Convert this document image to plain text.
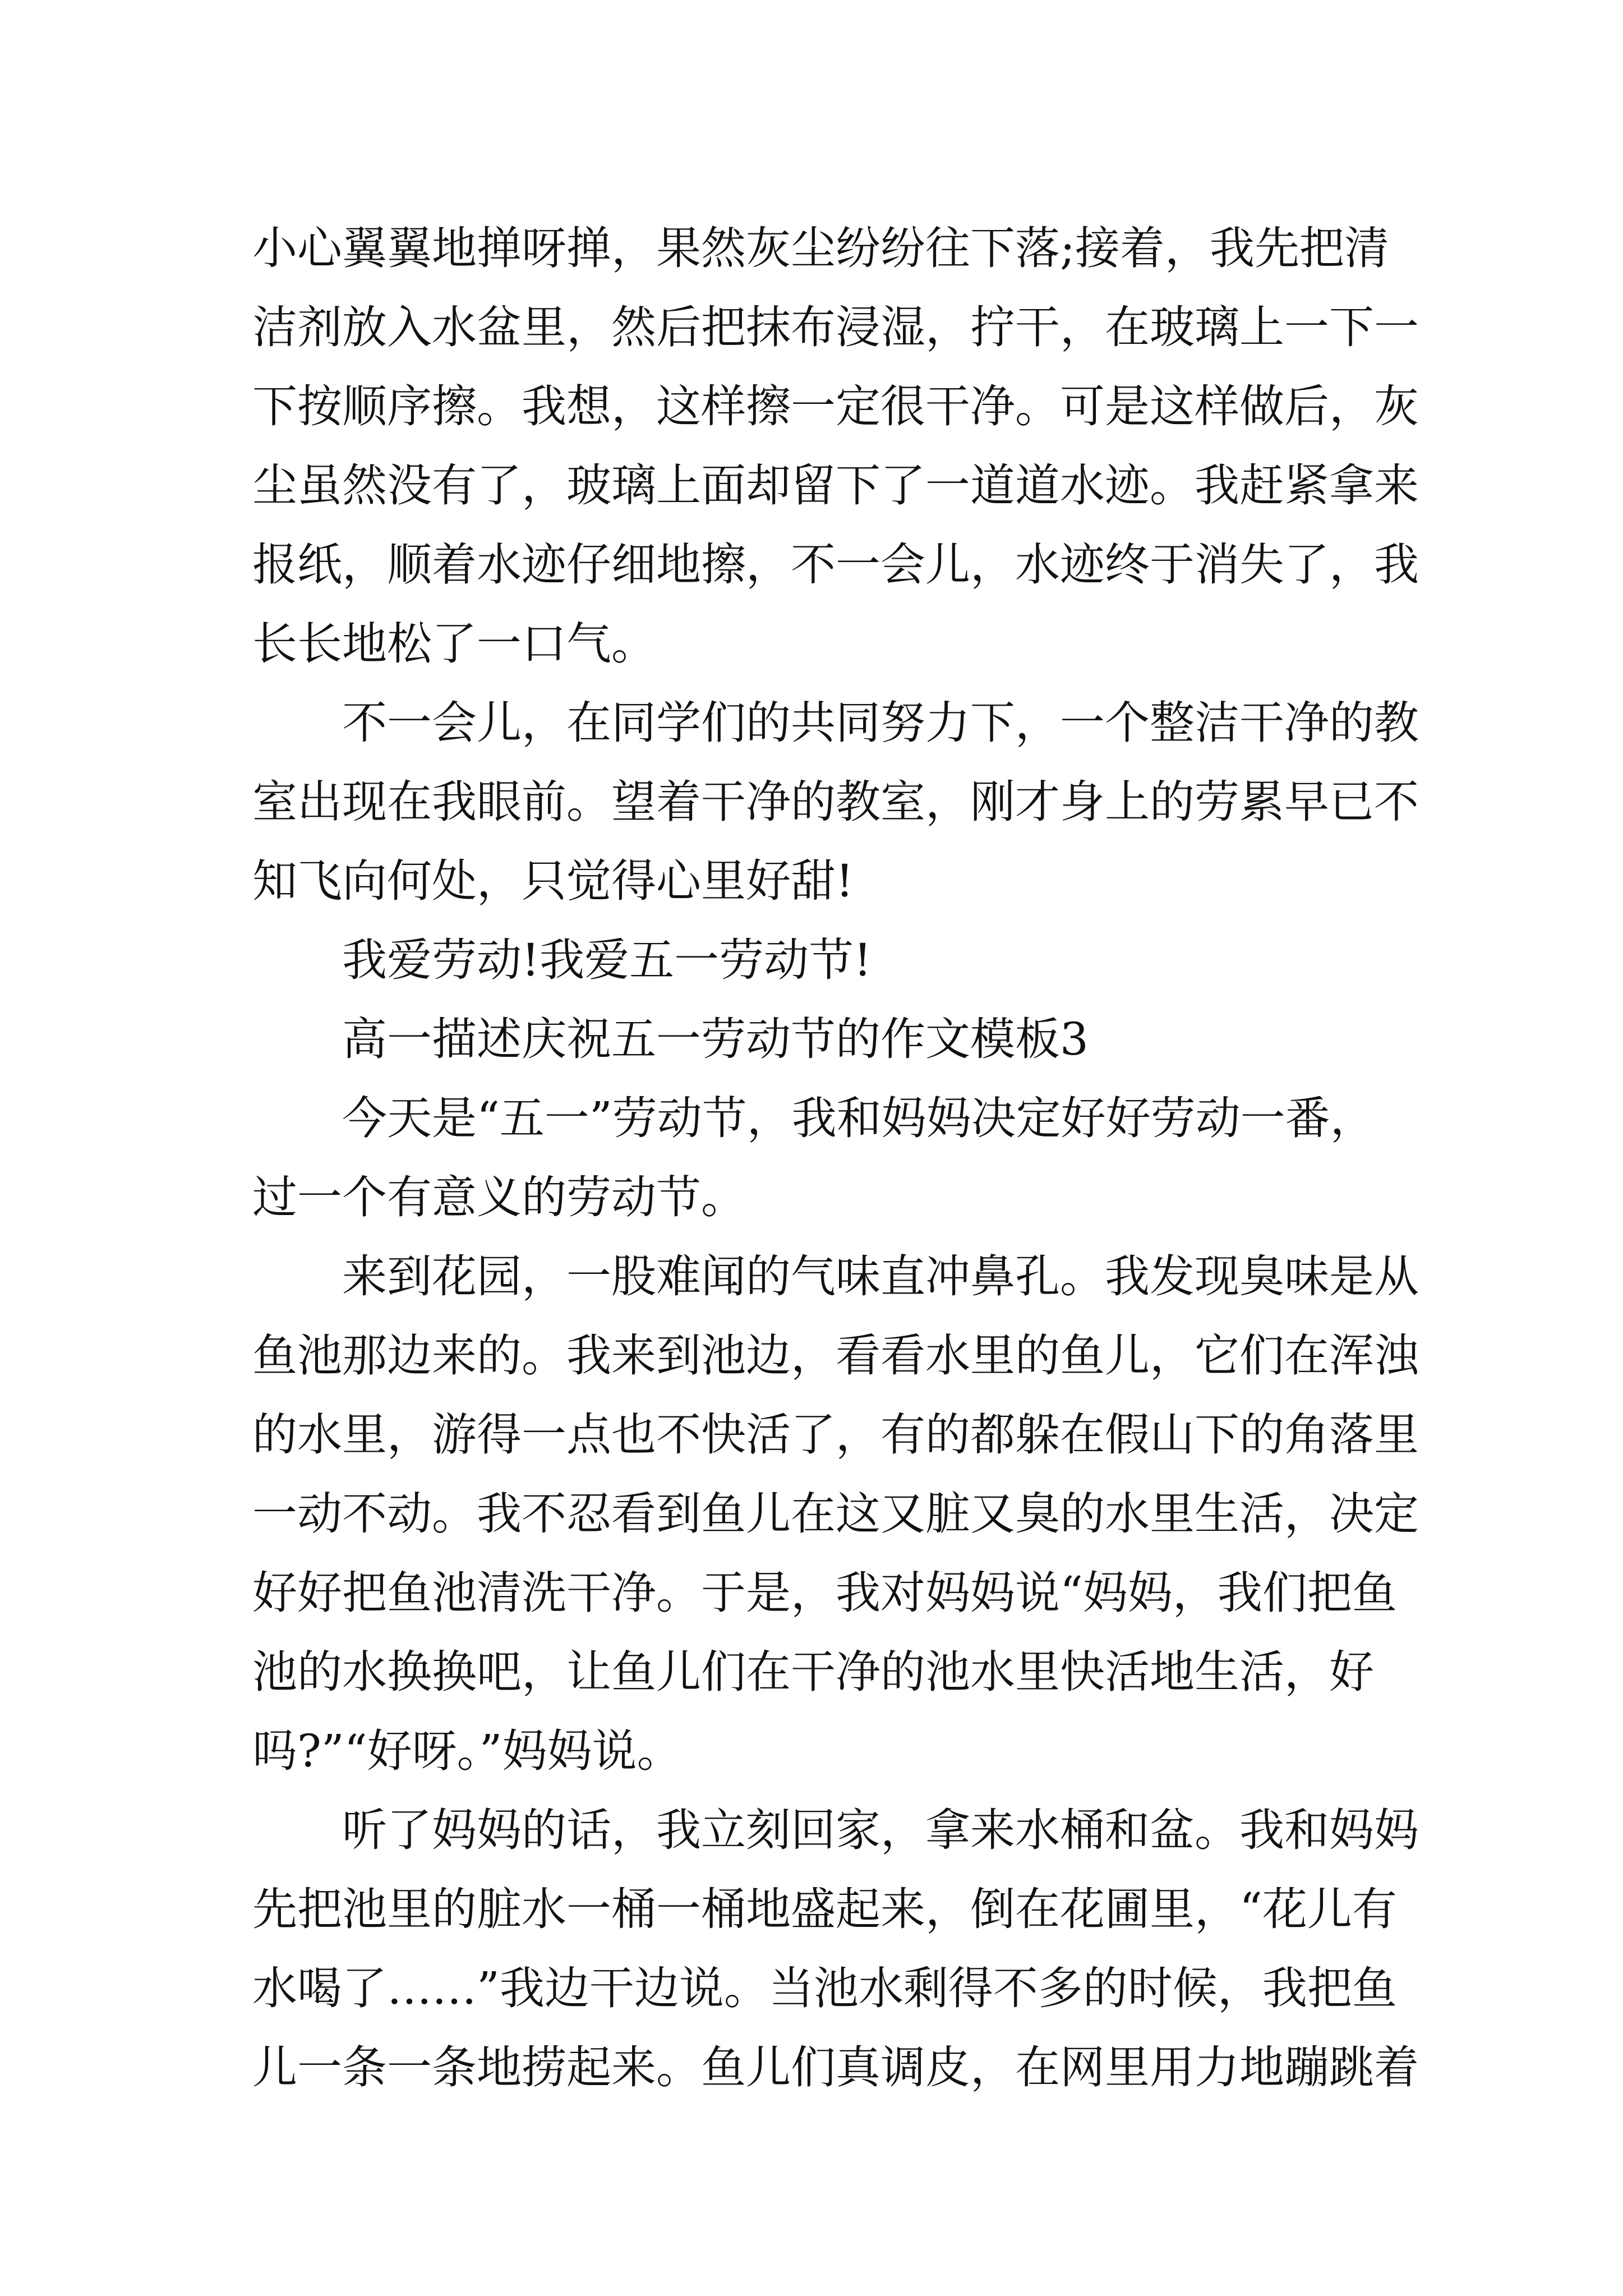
小心翼翼地掸呀掸，果然灰尘纷纷往下落;接着，我先把清
洁剂放入水盆里，然后把抹布浸湿，拧干，在玻璃上一下一
下按顺序擦。我想，这样擦一定很干净。可是这样做后，灰
尘虽然没有了，玻璃上面却留下了一道道水迹。我赶紧拿来
报纸，顺着水迹仔细地擦，不一会儿，水迹终于消失了，我
长长地松了一口气。
不一会儿，在同学们的共同努力下，一个整洁干净的教
室出现在我眼前。望着干净的教室，刚才身上的劳累早已不
知飞向何处，只觉得心里好甜!
我爱劳动!我爱五一劳动节!
高一描述庆祝五一劳动节的作文模板3
今天是“五一”劳动节，我和妈妈决定好好劳动一番，
过一个有意义的劳动节。
来到花园，一股难闻的气味直冲鼻孔。我发现臭味是从
鱼池那边来的。我来到池边，看看水里的鱼儿，它们在浑浊
的水里，游得一点也不快活了，有的都躲在假山下的角落里
一动不动。我不忍看到鱼儿在这又脏又臭的水里生活，决定
好好把鱼池清洗干净。于是，我对妈妈说“妈妈，我们把鱼
池的水换换吧，让鱼儿们在干净的池水里快活地生活，好
吗?”“好呀。”妈妈说。
听了妈妈的话，我立刻回家，拿来水桶和盆。我和妈妈
先把池里的脏水一桶一桶地盛起来，倒在花圃里，“花儿有
水喝了……”我边干边说。当池水剩得不多的时候，我把鱼
儿一条一条地捞起来。鱼儿们真调皮，在网里用力地蹦跳着
